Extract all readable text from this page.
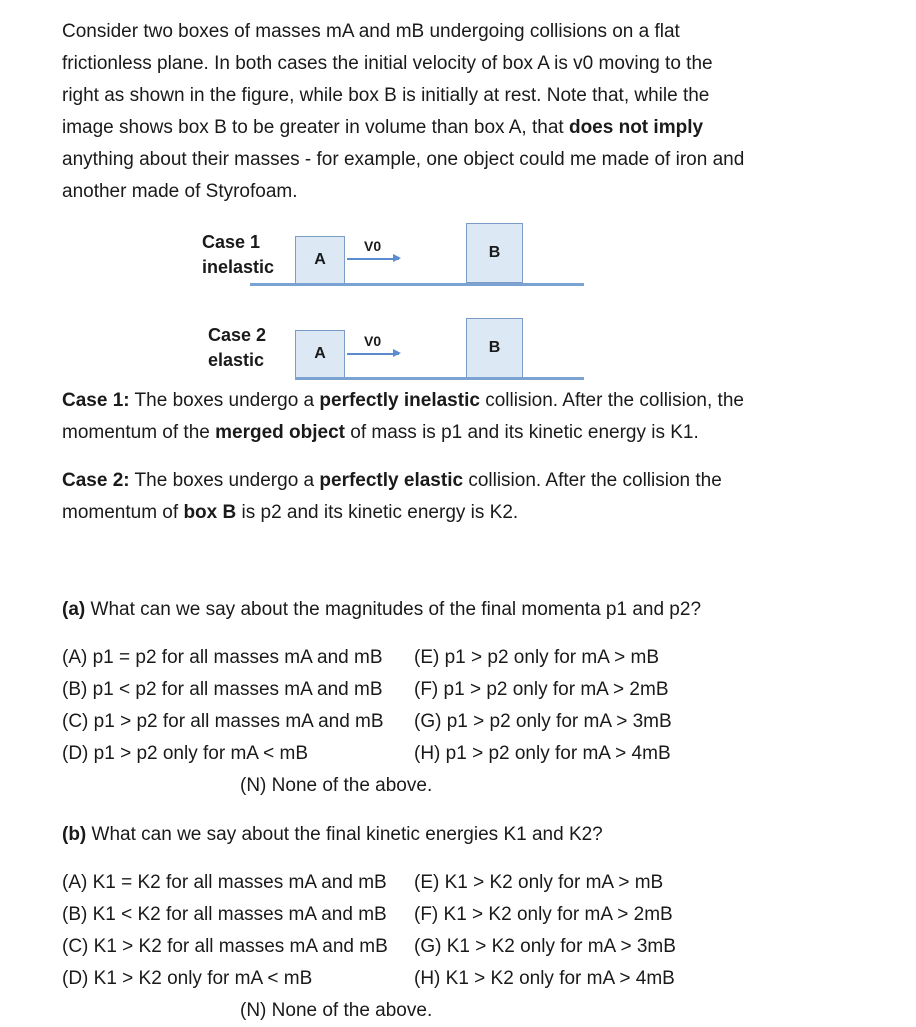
Consider two boxes of masses mA and mB undergoing collisions on a flat
frictionless plane. In both cases the initial velocity of box A is v0 moving to the
right as shown in the figure, while box B is initially at rest. Note that, while the
image shows box B to be greater in volume than box A, that does not imply
anything about their masses - for example, one object could me made of iron and
another made of Styrofoam.
Case 1
inelastic	A
V0	B
Case 2
elastic	A
V0	B
Case 1: The boxes undergo a perfectly inelastic collision. After the collision, the
momentum of the merged object of mass is p1 and its kinetic energy is K1.
Case 2: The boxes undergo a perfectly elastic collision. After the collision the
momentum of box B is p2 and its kinetic energy is K2.
(a) What can we say about the magnitudes of the final momenta p1 and p2?
(A) p1 = p2 for all masses mA and mB
(B) p1 < p2 for all masses mA and mB
(C) p1 > p2 for all masses mA and mB
(D) p1 > p2 only for mA < mB
(E) p1 > p2 only for mA > mB
(F) p1 > p2 only for mA > 2mB
(G) p1 > p2 only for mA > 3mB
(H) p1 > p2 only for mA > 4mB
(N) None of the above.
(b) What can we say about the final kinetic energies K1 and K2?
(A) K1 = K2 for all masses mA and mB
(B) K1 < K2 for all masses mA and mB
(C) K1 > K2 for all masses mA and mB
(D) K1 > K2 only for mA < mB
(E) K1 > K2 only for mA > mB
(F) K1 > K2 only for mA > 2mB
(G) K1 > K2 only for mA > 3mB
(H) K1 > K2 only for mA > 4mB
(N) None of the above.
